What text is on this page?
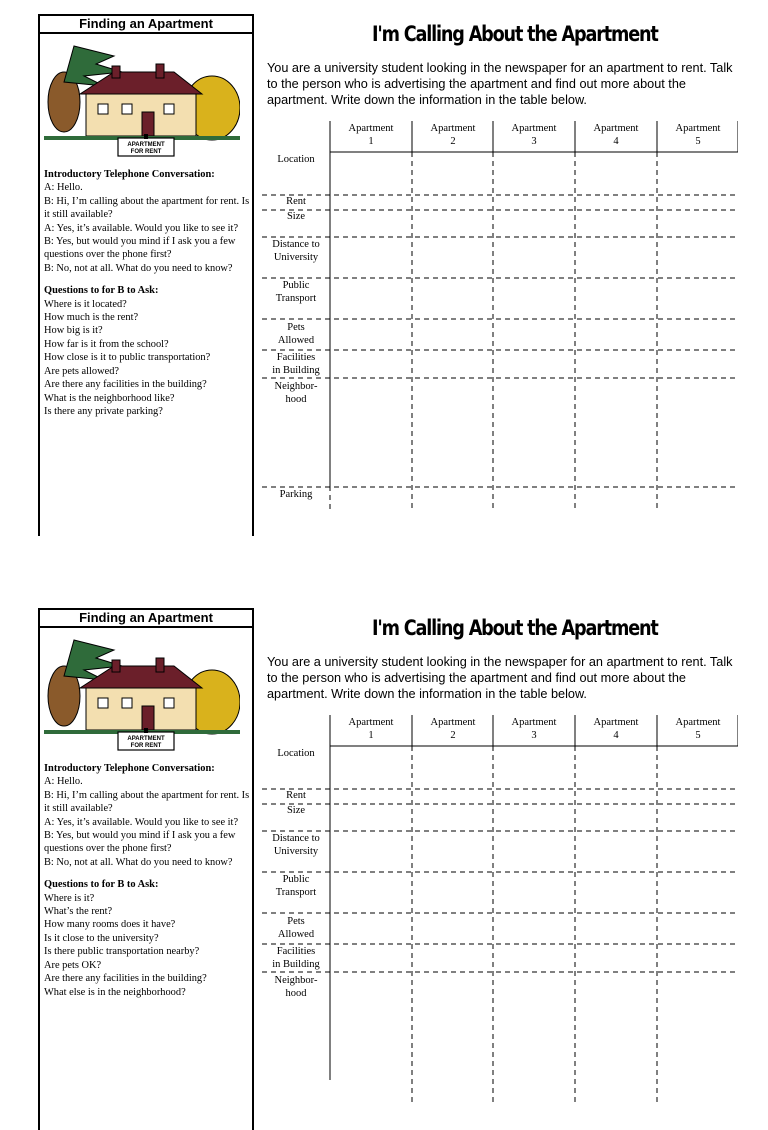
Finding an Apartment
APARTMENT
FOR RENT
Introductory Telephone Conversation:
A: Hello.
B: Hi, I’m calling about the apartment for rent. Is it still available?
A: Yes, it’s available. Would you like to see it?
B: Yes, but would you mind if I ask you a few questions over the phone first?
B: No, not at all. What do you need to know?
Questions to for B to Ask:
Where is it located?
How much is the rent?
How big is it?
How far is it from the school?
How close is it to public transportation?
Are pets allowed?
Are there any facilities in the building?
What is the neighborhood like?
Is there any private parking?
I'm Calling About the Apartment
You are a university student looking in the newspaper for an apartment to rent. Talk to the person who is advertising the apartment and find out more about the apartment. Write down the information in the table below.
Apartment
1
Apartment
2
Apartment
3
Apartment
4
Apartment
5
Location
Rent
Size
Distance to
University
Public
Transport
Pets
Allowed
Facilities
in Building
Neighbor-
hood
Parking
Finding an Apartment
APARTMENT
FOR RENT
Introductory Telephone Conversation:
A: Hello.
B: Hi, I’m calling about the apartment for rent. Is it still available?
A: Yes, it’s available. Would you like to see it?
B: Yes, but would you mind if I ask you a few questions over the phone first?
B: No, not at all. What do you need to know?
Questions to for B to Ask:
Where is it?
What’s the rent?
How many rooms does it have?
Is it close to the university?
Is there public transportation nearby?
Are pets OK?
Are there any facilities in the building?
What else is in the neighborhood?
I'm Calling About the Apartment
You are a university student looking in the newspaper for an apartment to rent. Talk to the person who is advertising the apartment and find out more about the apartment. Write down the information in the table below.
Apartment
1
Apartment
2
Apartment
3
Apartment
4
Apartment
5
Location
Rent
Size
Distance to
University
Public
Transport
Pets
Allowed
Facilities
in Building
Neighbor-
hood
